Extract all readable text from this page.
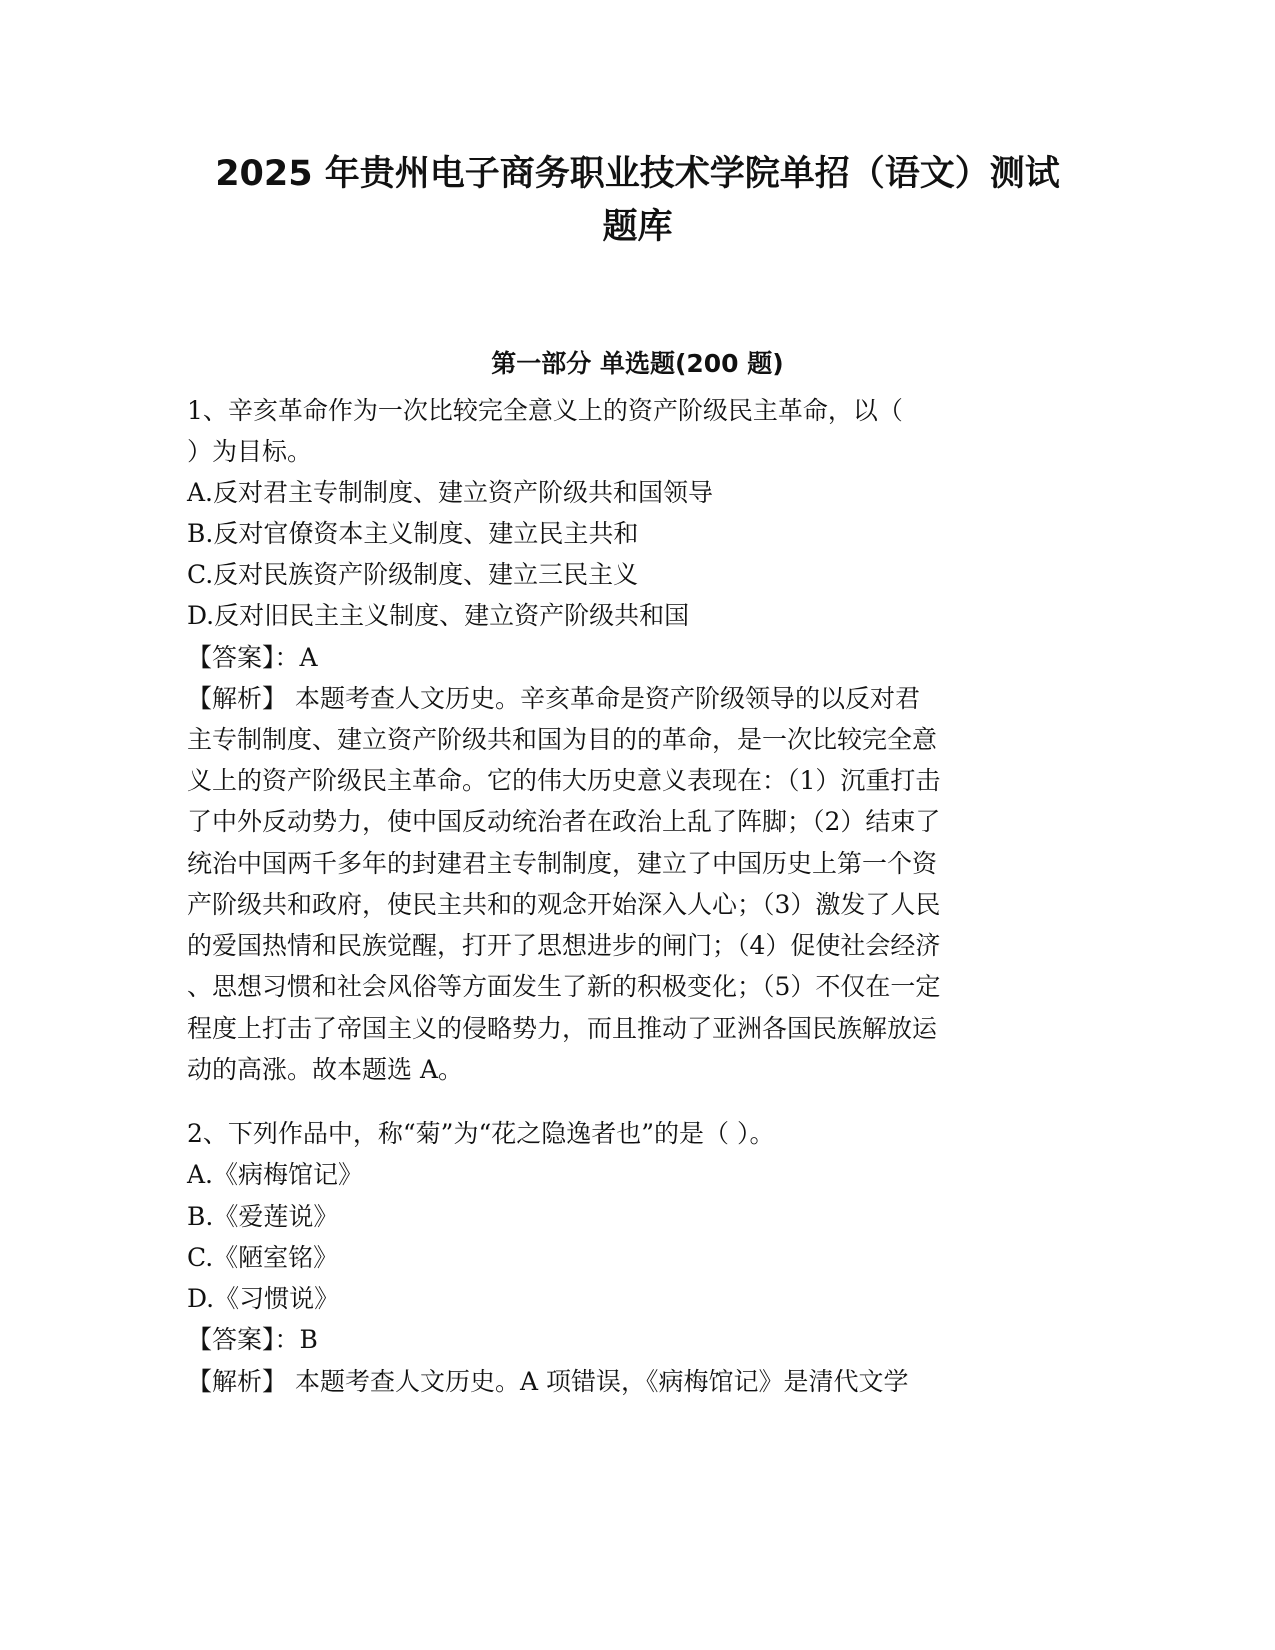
2025 年贵州电子商务职业技术学院单招（语文）测试
题库
第一部分 单选题(200 题)

1、辛亥革命作为一次比较完全意义上的资产阶级民主革命，以（

）为目标。

A.反对君主专制制度、建立资产阶级共和国领导

B.反对官僚资本主义制度、建立民主共和

C.反对民族资产阶级制度、建立三民主义

D.反对旧民主主义制度、建立资产阶级共和国

【答案】：A

【解析】 本题考查人文历史。辛亥革命是资产阶级领导的以反对君

主专制制度、建立资产阶级共和国为目的的革命，是一次比较完全意

义上的资产阶级民主革命。它的伟大历史意义表现在：（1）沉重打击

了中外反动势力，使中国反动统治者在政治上乱了阵脚；（2）结束了

统治中国两千多年的封建君主专制制度，建立了中国历史上第一个资

产阶级共和政府，使民主共和的观念开始深入人心；（3）激发了人民

的爱国热情和民族觉醒，打开了思想进步的闸门；（4）促使社会经济

、思想习惯和社会风俗等方面发生了新的积极变化；（5）不仅在一定

程度上打击了帝国主义的侵略势力，而且推动了亚洲各国民族解放运

动的高涨。故本题选 A。

2、下列作品中，称“菊”为“花之隐逸者也”的是（ ）。

A.《病梅馆记》

B.《爱莲说》

C.《陋室铭》

D.《习惯说》

【答案】：B

【解析】 本题考查人文历史。A 项错误，《病梅馆记》是清代文学
